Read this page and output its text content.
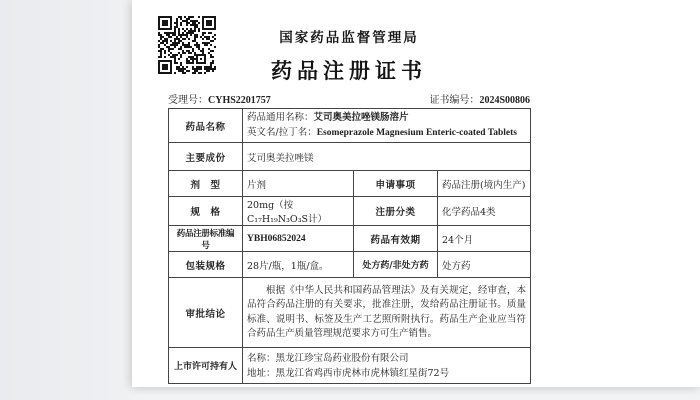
国家药品监督管理局
药品注册证书
受理号：CYHS2201757	证书编号：2024S00806
药品名称	药品通用名称：艾司奥美拉唑镁肠溶片
英文名/拉丁名：Esomeprazole Magnesium Enteric-coated Tablets		

主要成份	艾司奥美拉唑镁		
剂　型	片剂	申请事项	药品注册(境内生产)
规　格	20mg（按C₁₇H₁₉N₃O₃S计）	注册分类	化学药品4类
药品注册标准编号	YBH06852024	药品有效期	24个月
包装规格	28片/瓶，1瓶/盒。	处方药/非处方药	处方药
审批结论	根据《中华人民共和国药品管理法》及有关规定，经审查，本品符合药品注册的有关要求，批准注册，发给药品注册证书。质量标准、说明书、标签及生产工艺照所附执行。药品生产企业应当符合药品生产质量管理规范要求方可生产销售。		

上市许可持有人	名称：黑龙江珍宝岛药业股份有限公司
地址：黑龙江省鸡西市虎林市虎林镇红星街72号		
